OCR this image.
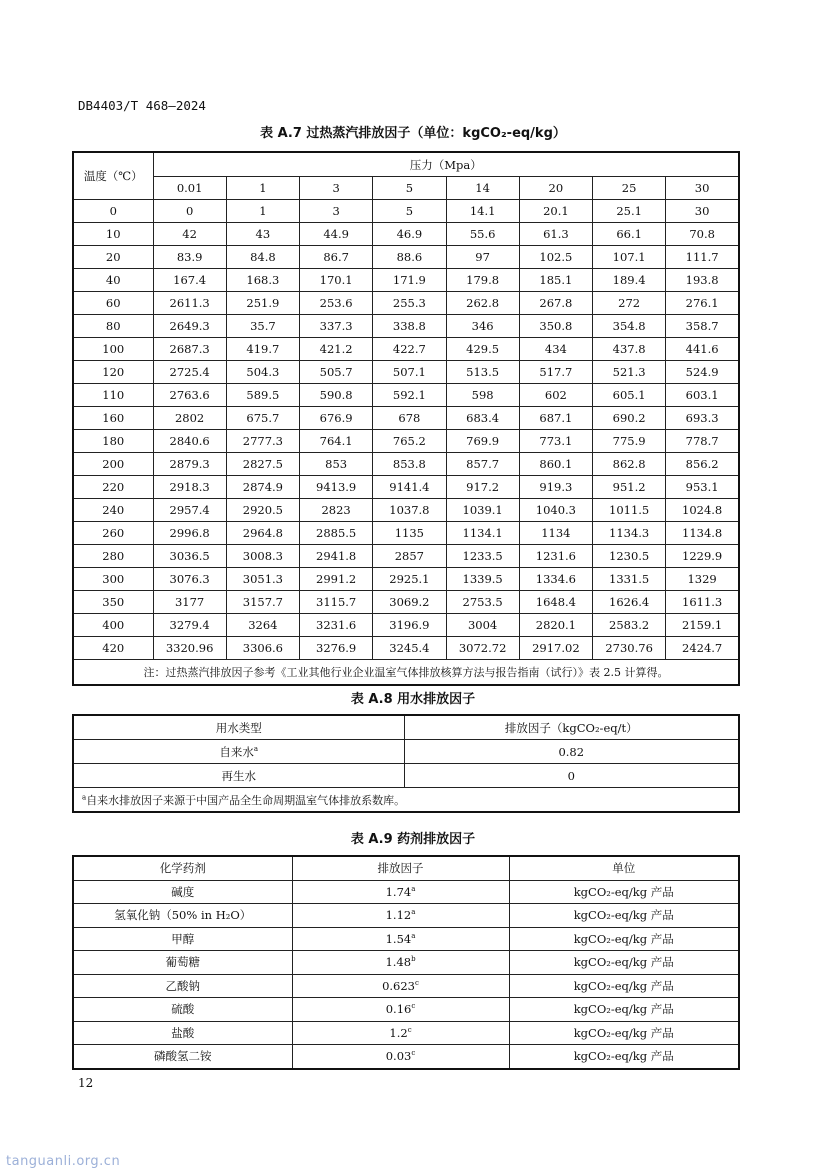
DB4403/T 468—2024
表 A.7 过热蒸汽排放因子（单位：kgCO₂-eq/kg）
温度（℃）	压力（Mpa）							
	0.01	1	3	5	14	20	25	30
0	0	1	3	5	14.1	20.1	25.1	30
10	42	43	44.9	46.9	55.6	61.3	66.1	70.8
20	83.9	84.8	86.7	88.6	97	102.5	107.1	111.7
40	167.4	168.3	170.1	171.9	179.8	185.1	189.4	193.8
60	2611.3	251.9	253.6	255.3	262.8	267.8	272	276.1
80	2649.3	35.7	337.3	338.8	346	350.8	354.8	358.7
100	2687.3	419.7	421.2	422.7	429.5	434	437.8	441.6
120	2725.4	504.3	505.7	507.1	513.5	517.7	521.3	524.9
110	2763.6	589.5	590.8	592.1	598	602	605.1	603.1
160	2802	675.7	676.9	678	683.4	687.1	690.2	693.3
180	2840.6	2777.3	764.1	765.2	769.9	773.1	775.9	778.7
200	2879.3	2827.5	853	853.8	857.7	860.1	862.8	856.2
220	2918.3	2874.9	9413.9	9141.4	917.2	919.3	951.2	953.1
240	2957.4	2920.5	2823	1037.8	1039.1	1040.3	1011.5	1024.8
260	2996.8	2964.8	2885.5	1135	1134.1	1134	1134.3	1134.8
280	3036.5	3008.3	2941.8	2857	1233.5	1231.6	1230.5	1229.9
300	3076.3	3051.3	2991.2	2925.1	1339.5	1334.6	1331.5	1329
350	3177	3157.7	3115.7	3069.2	2753.5	1648.4	1626.4	1611.3
400	3279.4	3264	3231.6	3196.9	3004	2820.1	2583.2	2159.1
420	3320.96	3306.6	3276.9	3245.4	3072.72	2917.02	2730.76	2424.7
注：过热蒸汽排放因子参考《工业其他行业企业温室气体排放核算方法与报告指南（试行）》表 2.5 计算得。								
表 A.8 用水排放因子
用水类型	排放因子（kgCO₂-eq/t）
自来水$^a$	0.82
再生水	0
$^a$自来水排放因子来源于中国产品全生命周期温室气体排放系数库。	
表 A.9 药剂排放因子
化学药剂	排放因子	单位
碱度	1.74$^a$	kgCO₂-eq/kg 产品
氢氧化钠（50% in H₂O）	1.12$^a$	kgCO₂-eq/kg 产品
甲醇	1.54$^a$	kgCO₂-eq/kg 产品
葡萄糖	1.48$^b$	kgCO₂-eq/kg 产品
乙酸钠	0.623$^c$	kgCO₂-eq/kg 产品
硫酸	0.16$^c$	kgCO₂-eq/kg 产品
盐酸	1.2$^c$	kgCO₂-eq/kg 产品
磷酸氢二铵	0.03$^c$	kgCO₂-eq/kg 产品
12
tanguanli.org.cn
